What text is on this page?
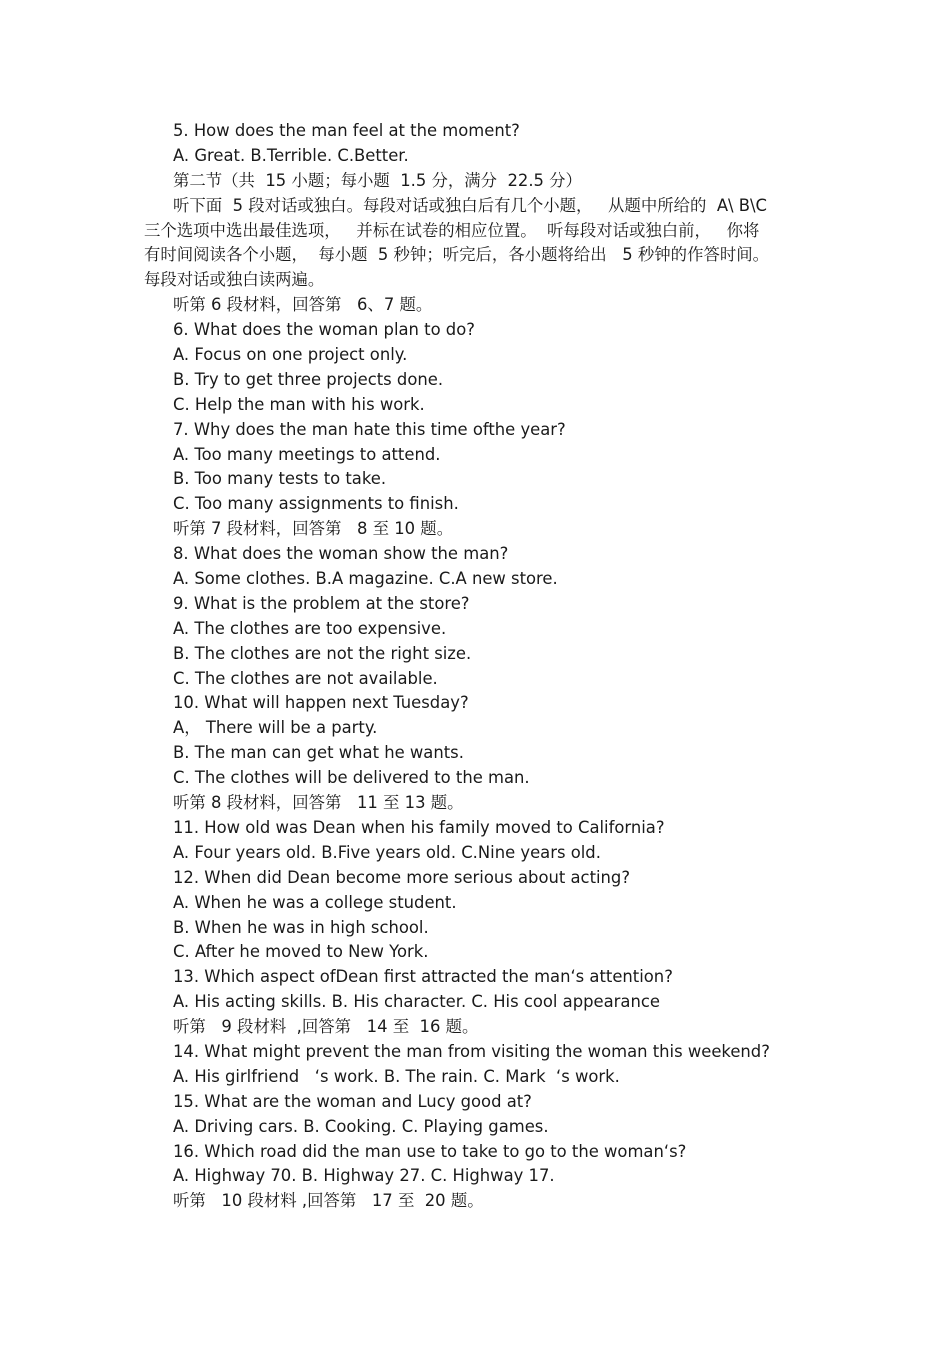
5. How does the man feel at the moment?
A. Great. B.Terrible. C.Better.
第二节（共  15 小题；每小题  1.5 分，满分  22.5 分）
听下面  5 段对话或独白。每段对话或独白后有几个小题，   从题中所给的  A\ B\C
三个选项中选出最佳选项，   并标在试卷的相应位置。  听每段对话或独白前，   你将
有时间阅读各个小题，  每小题  5 秒钟；听完后，各小题将给出   5 秒钟的作答时间。
每段对话或独白读两遍。
听第 6 段材料，回答第   6、7 题。
6. What does the woman plan to do?
A. Focus on one project only.
B. Try to get three projects done.
C. Help the man with his work.
7. Why does the man hate this time ofthe year?
A. Too many meetings to attend.
B. Too many tests to take.
C. Too many assignments to finish.
听第 7 段材料，回答第   8 至 10 题。
8. What does the woman show the man?
A. Some clothes. B.A magazine. C.A new store.
9. What is the problem at the store?
A. The clothes are too expensive.
B. The clothes are not the right size.
C. The clothes are not available.
10. What will happen next Tuesday?
A， There will be a party.
B. The man can get what he wants.
C. The clothes will be delivered to the man.
听第 8 段材料，回答第   11 至 13 题。
11. How old was Dean when his family moved to California?
A. Four years old. B.Five years old. C.Nine years old.
12. When did Dean become more serious about acting?
A. When he was a college student.
B. When he was in high school.
C. After he moved to New York.
13. Which aspect ofDean first attracted the man‘s attention?
A. His acting skills. B. His character. C. His cool appearance
听第   9 段材料  ,回答第   14 至  16 题。
14. What might prevent the man from visiting the woman this weekend?
A. His girlfriend   ‘s work. B. The rain. C. Mark  ‘s work.
15. What are the woman and Lucy good at?
A. Driving cars. B. Cooking. C. Playing games.
16. Which road did the man use to take to go to the woman‘s?
A. Highway 70. B. Highway 27. C. Highway 17.
听第   10 段材料 ,回答第   17 至  20 题。
